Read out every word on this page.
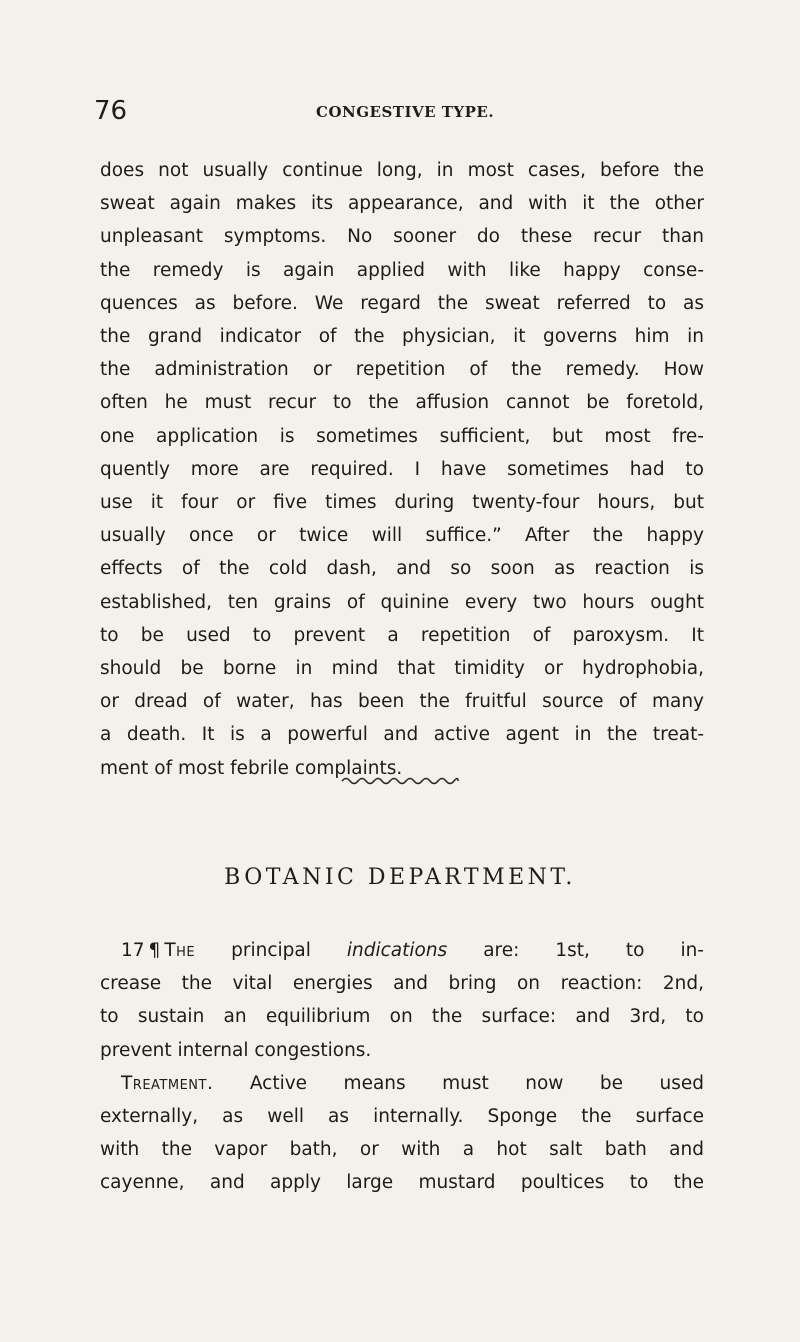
76	CONGESTIVE TYPE.
does not usually continue long, in most cases, before the
sweat again makes its appearance, and with it the other
unpleasant symptoms. No sooner do these recur than
the remedy is again applied with like happy conse-
quences as before. We regard the sweat referred to as
the grand indicator of the physician, it governs him in
the administration or repetition of the remedy. How
often he must recur to the affusion cannot be foretold,
one application is sometimes sufficient, but most fre-
quently more are required. I have sometimes had to
use it four or five times during twenty-four hours, but
usually once or twice will suffice.” After the happy
effects of the cold dash, and so soon as reaction is
established, ten grains of quinine every two hours ought
to be used to prevent a repetition of paroxysm. It
should be borne in mind that timidity or hydrophobia,
or dread of water, has been the fruitful source of many
a death. It is a powerful and active agent in the treat-
ment of most febrile complaints.
BOTANIC DEPARTMENT.
17 ¶ The principal indications are: 1st, to in-
crease the vital energies and bring on reaction: 2nd,
to sustain an equilibrium on the surface: and 3rd, to
prevent internal congestions.
Treatment. Active means must now be used
externally, as well as internally. Sponge the surface
with the vapor bath, or with a hot salt bath and
cayenne, and apply large mustard poultices to the
